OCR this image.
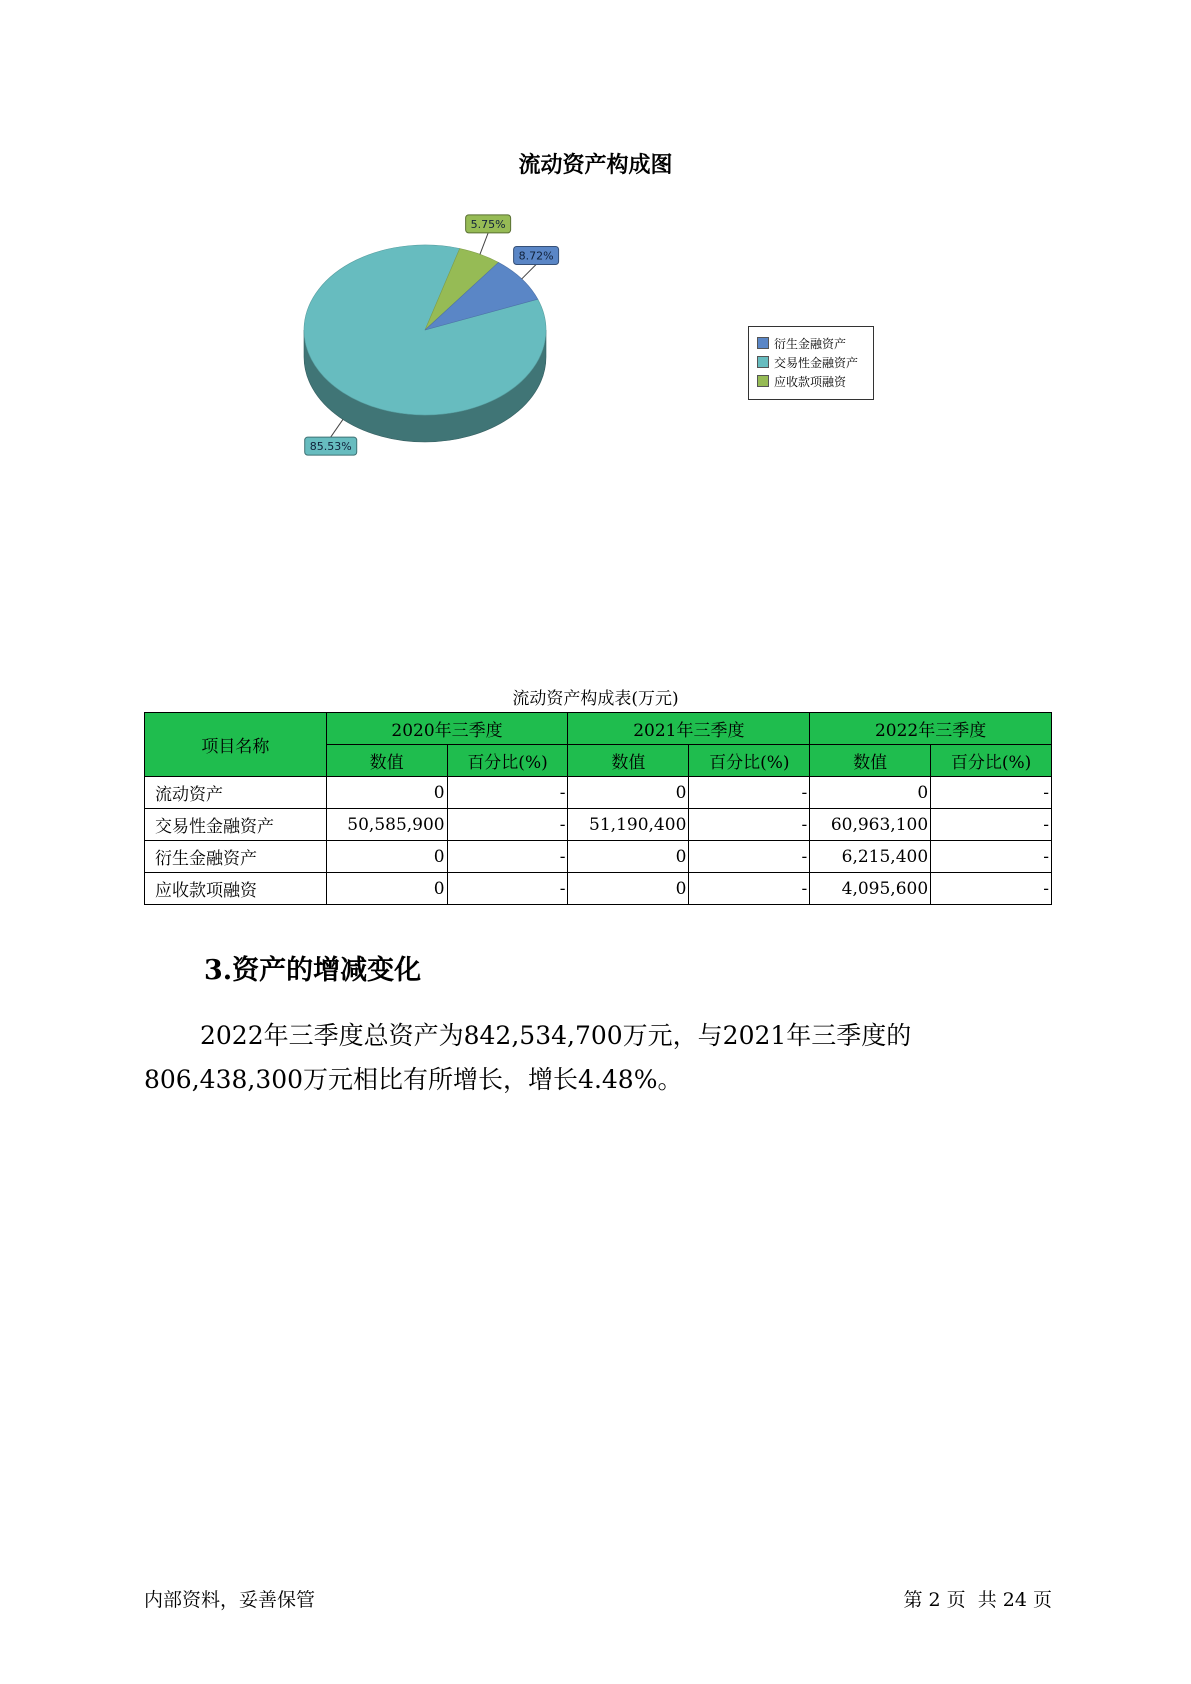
流动资产构成图
85.53%
5.75%
8.72%
衍生金融资产
交易性金融资产
应收款项融资
流动资产构成表(万元)
项目名称	2020年三季度		2021年三季度		2022年三季度	
	数值	百分比(%)	数值	百分比(%)	数值	百分比(%)
流动资产	0	-	0	-	0	-
交易性金融资产	50,585,900	-	51,190,400	-	60,963,100	-
衍生金融资产	0	-	0	-	6,215,400	-
应收款项融资	0	-	0	-	4,095,600	-
3.资产的增减变化
2022年三季度总资产为842,534,700万元，与2021年三季度的
806,438,300万元相比有所增长，增长4.48%。
内部资料，妥善保管	第 2 页  共 24 页
